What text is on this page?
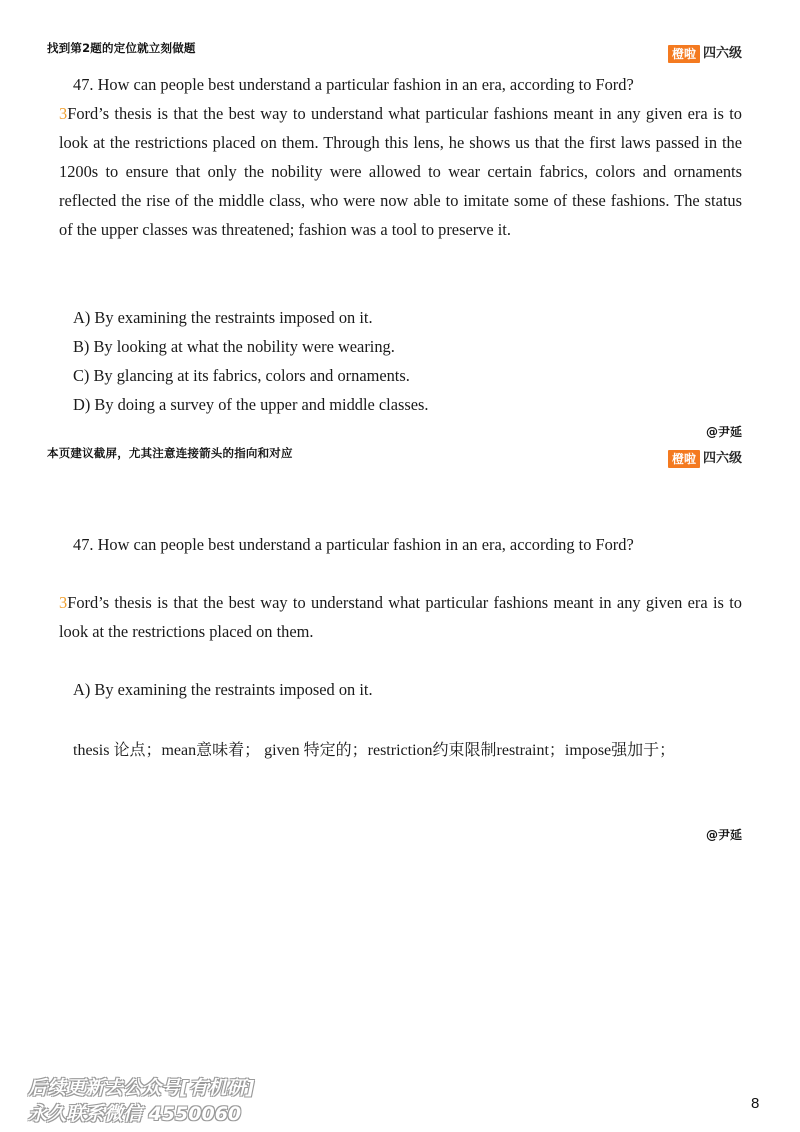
找到第2题的定位就立刻做题	橙啦 四六级
47. How can people best understand a particular fashion in an era, according to Ford?
3Ford’s thesis is that the best way to understand what particular fashions meant in any given era is to look at the restrictions placed on them. Through this lens, he shows us that the first laws passed in the 1200s to ensure that only the nobility were allowed to wear certain fabrics, colors and ornaments reflected the rise of the middle class, who were now able to imitate some of these fashions. The status of the upper classes was threatened; fashion was a tool to preserve it.
A) By examining the restraints imposed on it.
B) By looking at what the nobility were wearing.
C) By glancing at its fabrics, colors and ornaments.
D) By doing a survey of the upper and middle classes.
@尹延
本页建议截屏，尤其注意连接箭头的指向和对应	橙啦 四六级
47. How can people best understand a particular fashion in an era, according to Ford?
3Ford’s thesis is that the best way to understand what particular fashions meant in any given era is to look at the restrictions placed on them.
A) By examining the restraints imposed on it.
thesis 论点；mean意味着； given 特定的；restriction约束限制restraint；impose强加于；
@尹延
后续更新去公众号[有机研]
永久联系微信 4550060	8
